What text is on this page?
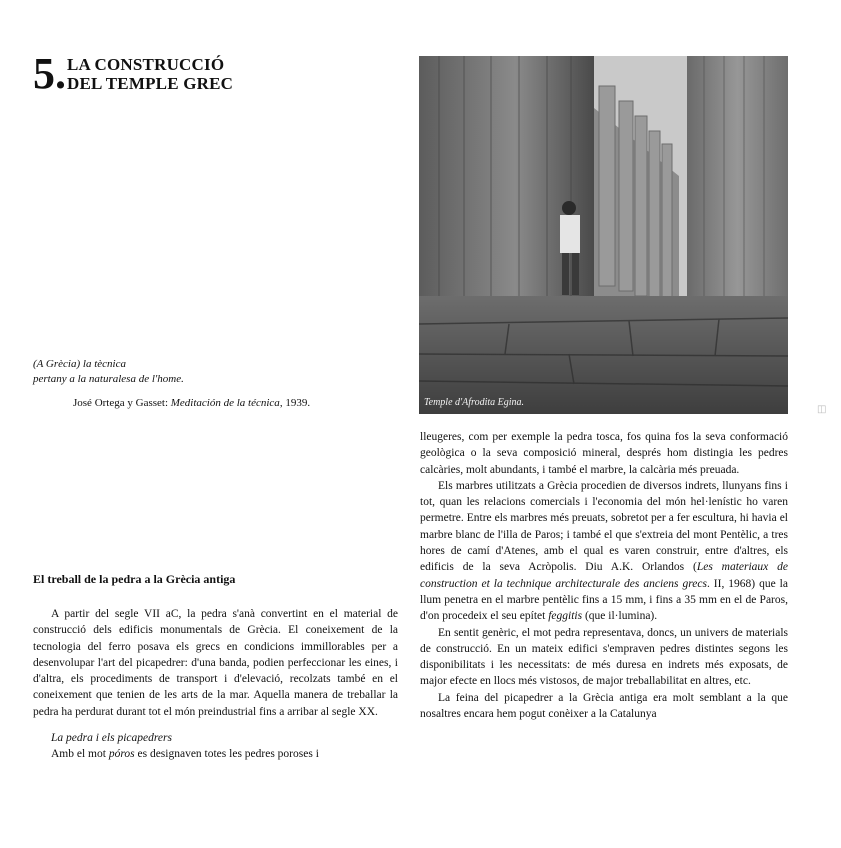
5. LA CONSTRUCCIÓ
DEL TEMPLE GREC
(A Grècia) la tècnica
pertany a la naturalesa de l'home.
José Ortega y Gasset: Meditación de la técnica, 1939.	Temple d'Afrodita Egina.
◫
El treball de la pedra a la Grècia antiga

A partir del segle VII aC, la pedra s'anà convertint en el material de construcció dels edificis monumentals de Grècia. El coneixement de la tecnologia del ferro posava els grecs en condicions immillorables per a desenvolupar l'art del picapedrer: d'una banda, podien perfeccionar les eines, i d'altra, els procediments de transport i d'elevació, recolzats també en el coneixement que tenien de les arts de la mar. Aquella manera de treballar la pedra ha perdurat durant tot el món preindustrial fins a arribar al segle XX.

La pedra i els picapedrers

Amb el mot póros es designaven totes les pedres poroses i

lleugeres, com per exemple la pedra tosca, fos quina fos la seva conformació geològica o la seva composició mineral, després hom distingia les pedres calcàries, molt abundants, i també el marbre, la calcària més preuada.

Els marbres utilitzats a Grècia procedien de diversos indrets, llunyans fins i tot, quan les relacions comercials i l'economia del món hel·lenístic ho varen permetre. Entre els marbres més preuats, sobretot per a fer escultura, hi havia el marbre blanc de l'illa de Paros; i també el que s'extreia del mont Pentèlic, a tres hores de camí d'Atenes, amb el qual es varen construir, entre d'altres, els edificis de la seva Acròpolis. Diu A.K. Orlandos (Les materiaux de construction et la technique architecturale des anciens grecs. II, 1968) que la llum penetra en el marbre pentèlic fins a 15 mm, i fins a 35 mm en el de Paros, d'on procedeix el seu epítet feggitis (que il·lumina).

En sentit genèric, el mot pedra representava, doncs, un univers de materials de construcció. En un mateix edifici s'empraven pedres distintes segons les disponibilitats i les necessitats: de més duresa en indrets més exposats, de major efecte en llocs més vistosos, de major treballabilitat en altres, etc.

La feina del picapedrer a la Grècia antiga era molt semblant a la que nosaltres encara hem pogut conèixer a la Catalunya
